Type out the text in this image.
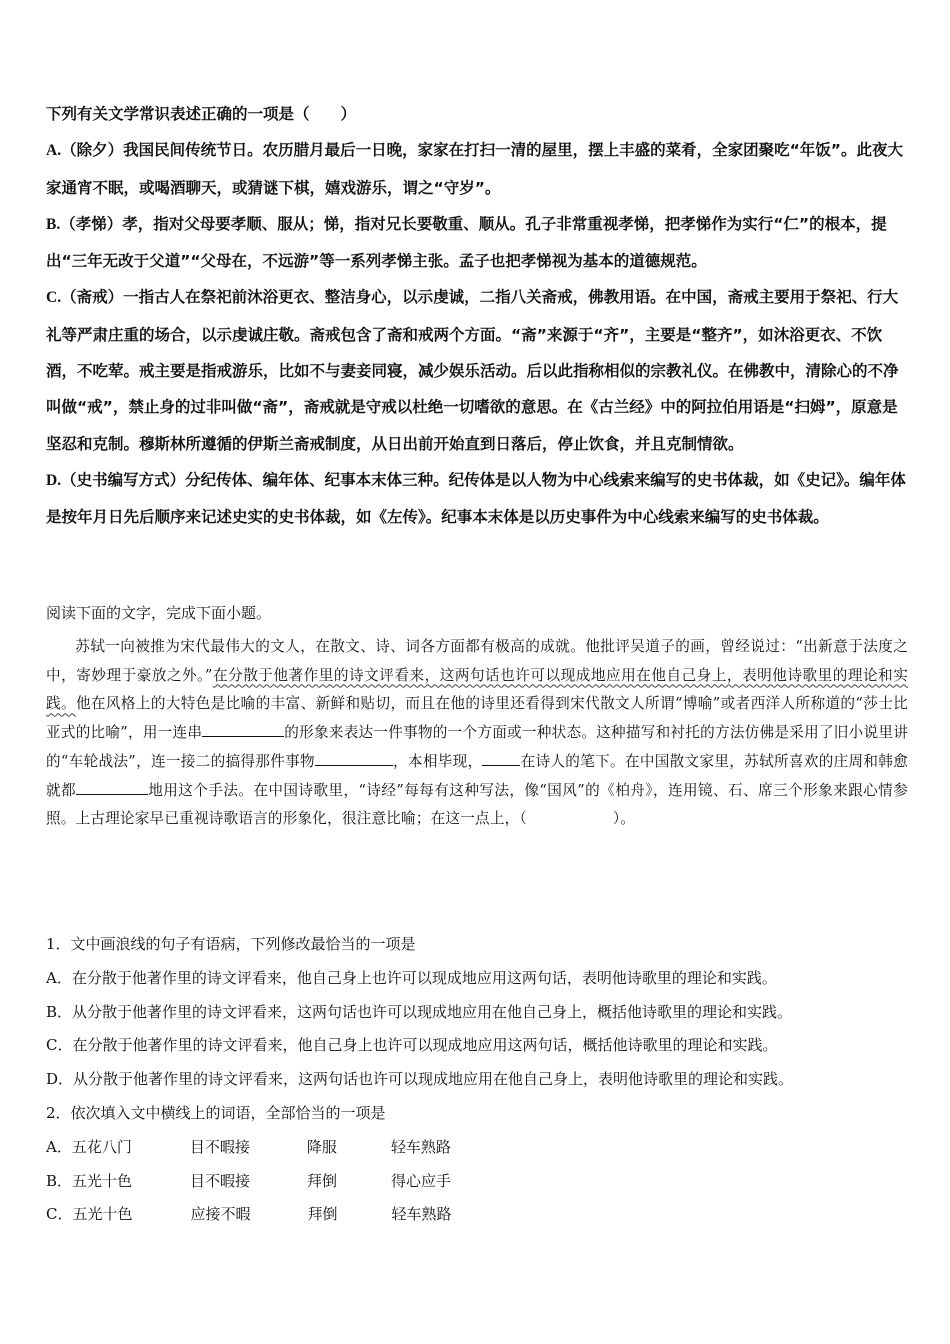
下列有关文学常识表述正确的一项是（　　）

A.（除夕）我国民间传统节日。农历腊月最后一日晚，家家在打扫一清的屋里，摆上丰盛的菜肴，全家团聚吃“年饭”。此夜大家通宵不眠，或喝酒聊天，或猜谜下棋，嬉戏游乐，谓之“守岁”。

B.（孝悌）孝，指对父母要孝顺、服从；悌，指对兄长要敬重、顺从。孔子非常重视孝悌，把孝悌作为实行“仁”的根本，提出“三年无改于父道”“父母在，不远游”等一系列孝悌主张。孟子也把孝悌视为基本的道德规范。

C.（斋戒）一指古人在祭祀前沐浴更衣、整洁身心，以示虔诚，二指八关斋戒，佛教用语。在中国，斋戒主要用于祭祀、行大礼等严肃庄重的场合，以示虔诚庄敬。斋戒包含了斋和戒两个方面。“斋”来源于“齐”，主要是“整齐”，如沐浴更衣、不饮酒，不吃荤。戒主要是指戒游乐，比如不与妻妾同寝，减少娱乐活动。后以此指称相似的宗教礼仪。在佛教中，清除心的不净叫做“戒”，禁止身的过非叫做“斋”，斋戒就是守戒以杜绝一切嗜欲的意思。在《古兰经》中的阿拉伯用语是“扫姆”，原意是坚忍和克制。穆斯林所遵循的伊斯兰斋戒制度，从日出前开始直到日落后，停止饮食，并且克制情欲。

D.（史书编写方式）分纪传体、编年体、纪事本末体三种。纪传体是以人物为中心线索来编写的史书体裁，如《史记》。编年体是按年月日先后顺序来记述史实的史书体裁，如《左传》。纪事本末体是以历史事件为中心线索来编写的史书体裁。

阅读下面的文字，完成下面小题。

苏轼一向被推为宋代最伟大的文人，在散文、诗、词各方面都有极高的成就。他批评吴道子的画，曾经说过：“出新意于法度之中，寄妙理于豪放之外。”在分散于他著作里的诗文评看来，这两句话也许可以现成地应用在他自己身上，表明他诗歌里的理论和实践。他在风格上的大特色是比喻的丰富、新鲜和贴切，而且在他的诗里还看得到宋代散文人所谓“博喻”或者西洋人所称道的“莎士比亚式的比喻”，用一连串	的形象来表达一件事物的一个方面或一种状态。这种描写和衬托的方法仿佛是采用了旧小说里讲的“车轮战法”，连一接二的搞得那件事物	，本相毕现，	在诗人的笔下。在中国散文家里，苏轼所喜欢的庄周和韩愈就都	地用这个手法。在中国诗歌里，“诗经”每每有这种写法，像“国风”的《柏舟》，连用镜、石、席三个形象来跟心情参照。上古理论家早已重视诗歌语言的形象化，很注意比喻；在这一点上，（	）。

1．文中画浪线的句子有语病，下列修改最恰当的一项是

A．在分散于他著作里的诗文评看来，他自己身上也许可以现成地应用这两句话，表明他诗歌里的理论和实践。

B．从分散于他著作里的诗文评看来，这两句话也许可以现成地应用在他自己身上，概括他诗歌里的理论和实践。

C．在分散于他著作里的诗文评看来，他自己身上也许可以现成地应用这两句话，概括他诗歌里的理论和实践。

D．从分散于他著作里的诗文评看来，这两句话也许可以现成地应用在他自己身上，表明他诗歌里的理论和实践。

2．依次填入文中横线上的词语，全部恰当的一项是

A．五花八门	目不暇接	降服	轻车熟路

B．五光十色	目不暇接	拜倒	得心应手

C．五光十色	应接不暇	拜倒	轻车熟路
